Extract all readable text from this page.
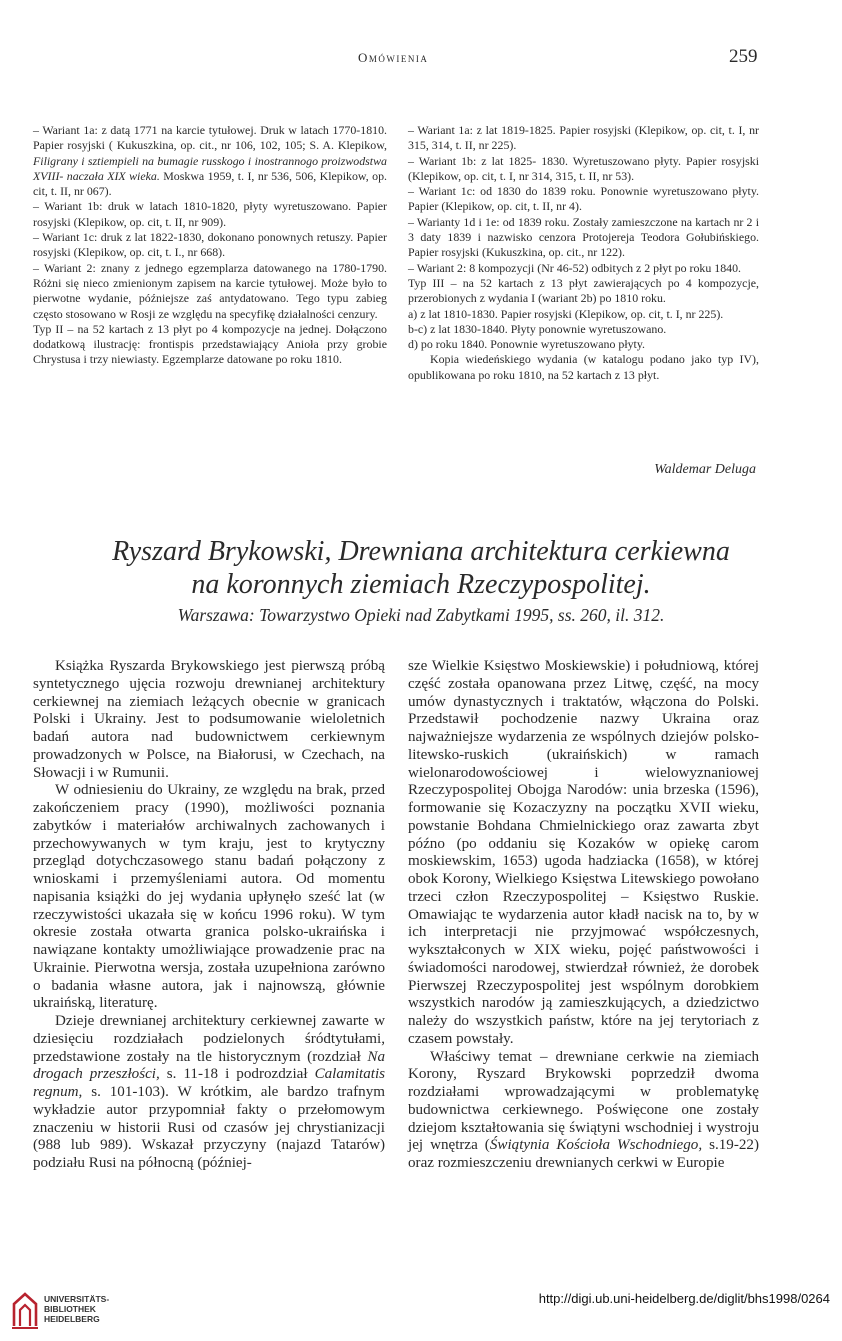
Omówienia	259

– Wariant 1a: z datą 1771 na karcie tytułowej. Druk w latach 1770-1810. Papier rosyjski ( Kukuszkina, op. cit., nr 106, 102, 105; S. A. Klepikow, Filigrany i sztiempieli na bumagie russkogo i inostrannogo proizwodstwa XVIII- naczała XIX wieka. Moskwa 1959, t. I, nr 536, 506, Klepikow, op. cit, t. II, nr 067).

– Wariant 1b: druk w latach 1810-1820, płyty wyretuszowano. Papier rosyjski (Klepikow, op. cit, t. II, nr 909).

– Wariant 1c: druk z lat 1822-1830, dokonano ponownych retuszy. Papier rosyjski (Klepikow, op. cit, t. I., nr 668).

– Wariant 2: znany z jednego egzemplarza datowanego na 1780-1790. Różni się nieco zmienionym zapisem na karcie tytułowej. Może było to pierwotne wydanie, późniejsze zaś antydatowano. Tego typu zabieg często stosowano w Rosji ze względu na specyfikę działalności cenzury.

Typ II – na 52 kartach z 13 płyt po 4 kompozycje na jednej. Dołączono dodatkową ilustrację: frontispis przedstawiający Anioła przy grobie Chrystusa i trzy niewiasty. Egzemplarze datowane po roku 1810.

– Wariant 1a: z lat 1819-1825. Papier rosyjski (Klepikow, op. cit, t. I, nr 315, 314, t. II, nr 225).

– Wariant 1b: z lat 1825- 1830. Wyretuszowano płyty. Papier rosyjski (Klepikow, op. cit, t. I, nr 314, 315, t. II, nr 53).

– Wariant 1c: od 1830 do 1839 roku. Ponownie wyretuszowano płyty. Papier (Klepikow, op. cit, t. II, nr 4).

– Warianty 1d i 1e: od 1839 roku. Zostały zamieszczone na kartach nr 2 i 3 daty 1839 i nazwisko cenzora Protojereja Teodora Gołubińskiego. Papier rosyjski (Kukuszkina, op. cit., nr 122).

– Wariant 2: 8 kompozycji (Nr 46-52) odbitych z 2 płyt po roku 1840.

Typ III – na 52 kartach z 13 płyt zawierających po 4 kompozycje, przerobionych z wydania I (wariant 2b) po 1810 roku.

a) z lat 1810-1830. Papier rosyjski (Klepikow, op. cit, t. I, nr 225).

b-c) z lat 1830-1840. Płyty ponownie wyretuszowano.

d) po roku 1840. Ponownie wyretuszowano płyty.

Kopia wiedeńskiego wydania (w katalogu podano jako typ IV), opublikowana po roku 1810, na 52 kartach z 13 płyt.

Waldemar Deluga
Ryszard Brykowski, Drewniana architektura cerkiewna
na koronnych ziemiach Rzeczypospolitej.
Warszawa: Towarzystwo Opieki nad Zabytkami 1995, ss. 260, il. 312.

Książka Ryszarda Brykowskiego jest pierwszą próbą syntetycznego ujęcia rozwoju drewnianej architektury cerkiewnej na ziemiach leżących obecnie w granicach Polski i Ukrainy. Jest to podsumowanie wieloletnich badań autora nad budownictwem cerkiewnym prowadzonych w Polsce, na Białorusi, w Czechach, na Słowacji i w Rumunii.

W odniesieniu do Ukrainy, ze względu na brak, przed zakończeniem pracy (1990), możliwości poznania zabytków i materiałów archiwalnych zachowanych i przechowywanych w tym kraju, jest to krytyczny przegląd dotychczasowego stanu badań połączony z wnioskami i przemyśleniami autora. Od momentu napisania książki do jej wydania upłynęło sześć lat (w rzeczywistości ukazała się w końcu 1996 roku). W tym okresie została otwarta granica polsko-ukraińska i nawiązane kontakty umożliwiające prowadzenie prac na Ukrainie. Pierwotna wersja, została uzupełniona zarówno o badania własne autora, jak i najnowszą, głównie ukraińską, literaturę.

Dzieje drewnianej architektury cerkiewnej zawarte w dziesięciu rozdziałach podzielonych śródtytułami, przedstawione zostały na tle historycznym (rozdział Na drogach przeszłości, s. 11-18 i podrozdział Calamitatis regnum, s. 101-103). W krótkim, ale bardzo trafnym wykładzie autor przypomniał fakty o przełomowym znaczeniu w historii Rusi od czasów jej chrystianizacji (988 lub 989). Wskazał przyczyny (najazd Tatarów) podziału Rusi na północną (później-

sze Wielkie Księstwo Moskiewskie) i południową, której część została opanowana przez Litwę, część, na mocy umów dynastycznych i traktatów, włączona do Polski. Przedstawił pochodzenie nazwy Ukraina oraz najważniejsze wydarzenia ze wspólnych dziejów polsko-litewsko-ruskich (ukraińskich) w ramach wielonarodowościowej i wielowyznaniowej Rzeczypospolitej Obojga Narodów: unia brzeska (1596), formowanie się Kozaczyzny na początku XVII wieku, powstanie Bohdana Chmielnickiego oraz zawarta zbyt późno (po oddaniu się Kozaków w opiekę carom moskiewskim, 1653) ugoda hadziacka (1658), w której obok Korony, Wielkiego Księstwa Litewskiego powołano trzeci człon Rzeczypospolitej – Księstwo Ruskie. Omawiając te wydarzenia autor kładł nacisk na to, by w ich interpretacji nie przyjmować współczesnych, wykształconych w XIX wieku, pojęć państwowości i świadomości narodowej, stwierdzał również, że dorobek Pierwszej Rzeczypospolitej jest wspólnym dorobkiem wszystkich narodów ją zamieszkujących, a dziedzictwo należy do wszystkich państw, które na jej terytoriach z czasem powstały.

Właściwy temat – drewniane cerkwie na ziemiach Korony, Ryszard Brykowski poprzedził dwoma rozdziałami wprowadzającymi w problematykę budownictwa cerkiewnego. Poświęcone one zostały dziejom kształtowania się świątyni wschodniej i wystroju jej wnętrza (Świątynia Kościoła Wschodniego, s.19-22) oraz rozmieszczeniu drewnianych cerkwi w Europie

UNIVERSITÄTS-
BIBLIOTHEK
HEIDELBERG
http://digi.ub.uni-heidelberg.de/diglit/bhs1998/0264
